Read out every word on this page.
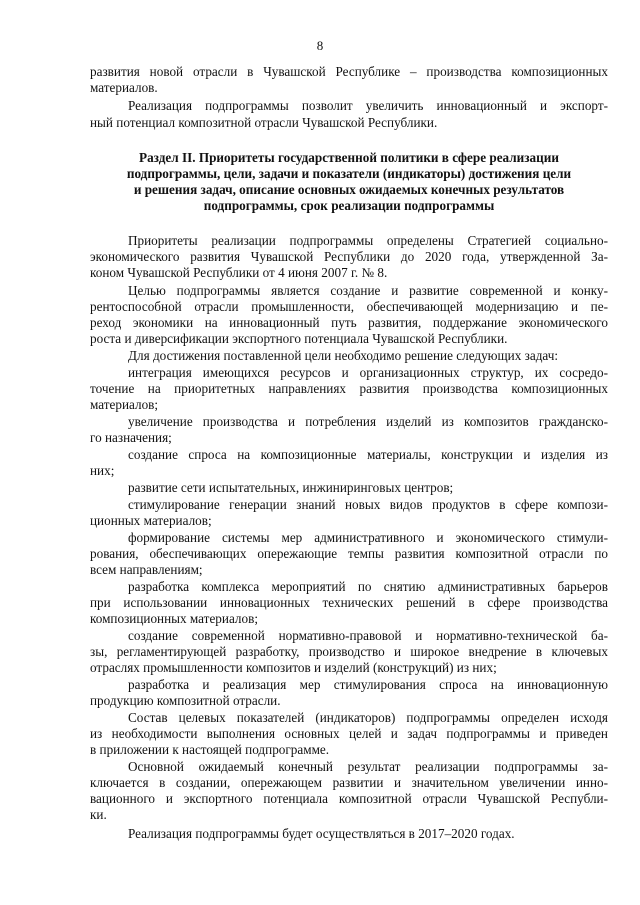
8
развития новой отрасли в Чувашской Республике – производства композиционных
материалов.
Реализация подпрограммы позволит увеличить инновационный и экспорт-
ный потенциал композитной отрасли Чувашской Республики.
Раздел II. Приоритеты государственной политики в сфере реализации
подпрограммы, цели, задачи и показатели (индикаторы) достижения цели
и решения задач, описание основных ожидаемых конечных результатов
подпрограммы, срок реализации подпрограммы
Приоритеты реализации подпрограммы определены Стратегией социально-
экономического развития Чувашской Республики до 2020 года, утвержденной За-
коном Чувашской Республики от 4 июня 2007 г. № 8.
Целью подпрограммы является создание и развитие современной и конку-
рентоспособной отрасли промышленности, обеспечивающей модернизацию и пе-
реход экономики на инновационный путь развития, поддержание экономического
роста и диверсификации экспортного потенциала Чувашской Республики.
Для достижения поставленной цели необходимо решение следующих задач:
интеграция имеющихся ресурсов и организационных структур, их сосредо-
точение на приоритетных направлениях развития производства композиционных
материалов;
увеличение производства и потребления изделий из композитов гражданско-
го назначения;
создание спроса на композиционные материалы, конструкции и изделия из
них;
развитие сети испытательных, инжиниринговых центров;
стимулирование генерации знаний новых видов продуктов в сфере компози-
ционных материалов;
формирование системы мер административного и экономического стимули-
рования, обеспечивающих опережающие темпы развития композитной отрасли по
всем направлениям;
разработка комплекса мероприятий по снятию административных барьеров
при использовании инновационных технических решений в сфере производства
композиционных материалов;
создание современной нормативно-правовой и нормативно-технической ба-
зы, регламентирующей разработку, производство и широкое внедрение в ключевых
отраслях промышленности композитов и изделий (конструкций) из них;
разработка и реализация мер стимулирования спроса на инновационную
продукцию композитной отрасли.
Состав целевых показателей (индикаторов) подпрограммы определен исходя
из необходимости выполнения основных целей и задач подпрограммы и приведен
в приложении к настоящей подпрограмме.
Основной ожидаемый конечный результат реализации подпрограммы за-
ключается в создании, опережающем развитии и значительном увеличении инно-
вационного и экспортного потенциала композитной отрасли Чувашской Республи-
ки.
Реализация подпрограммы будет осуществляться в 2017–2020 годах.
